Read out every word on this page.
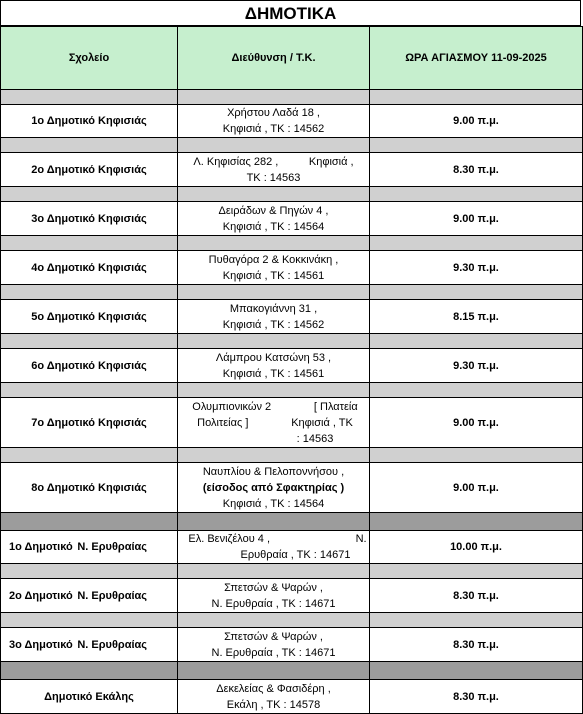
ΔΗΜΟΤΙΚΑ
Σχολείο	Διεύθυνση / Τ.Κ.	ΩΡΑ ΑΓΙΑΣΜΟΥ 11-09-2025

1ο Δημοτικό Κηφισιάς	Χρήστου Λαδά 18 ,
Κηφισιά , ΤΚ : 14562	9.00 π.μ.

2ο Δημοτικό Κηφισιάς	Λ. Κηφισίας 282 ,          Κηφισιά ,
ΤΚ : 14563	8.30 π.μ.

3ο Δημοτικό Κηφισιάς	Δειράδων & Πηγών 4 ,
Κηφισιά , ΤΚ : 14564	9.00 π.μ.

4ο Δημοτικό Κηφισιάς	Πυθαγόρα 2 & Κοκκινάκη ,
Κηφισιά , ΤΚ : 14561	9.30 π.μ.

5ο Δημοτικό Κηφισιάς	Μπακογιάννη 31 ,
Κηφισιά , ΤΚ : 14562	8.15 π.μ.

6ο Δημοτικό Κηφισιάς	Λάμπρου Κατσώνη 53 ,
Κηφισιά , ΤΚ : 14561	9.30 π.μ.

7ο Δημοτικό Κηφισιάς	Ολυμπιονικών 2              [ Πλατεία
Πολιτείας ]              Κηφισιά , ΤΚ
: 14563	9.00 π.μ.

8ο Δημοτικό Κηφισιάς	Ναυπλίου & Πελοποννήσου ,
(είσοδος από Σφακτηρίας )
Κηφισιά , ΤΚ : 14564	9.00 π.μ.

1ο Δημοτικό Ν. Ερυθραίας	Ελ. Βενιζέλου 4 ,                            Ν.
Ερυθραία , ΤΚ : 14671	10.00 π.μ.

2ο Δημοτικό Ν. Ερυθραίας	Σπετσών & Ψαρών ,
Ν. Ερυθραία , ΤΚ : 14671	8.30 π.μ.

3ο Δημοτικό Ν. Ερυθραίας	Σπετσών & Ψαρών ,
Ν. Ερυθραία , ΤΚ : 14671	8.30 π.μ.

Δημοτικό Εκάλης	Δεκελείας & Φασιδέρη ,
Εκάλη , ΤΚ : 14578	8.30 π.μ.
